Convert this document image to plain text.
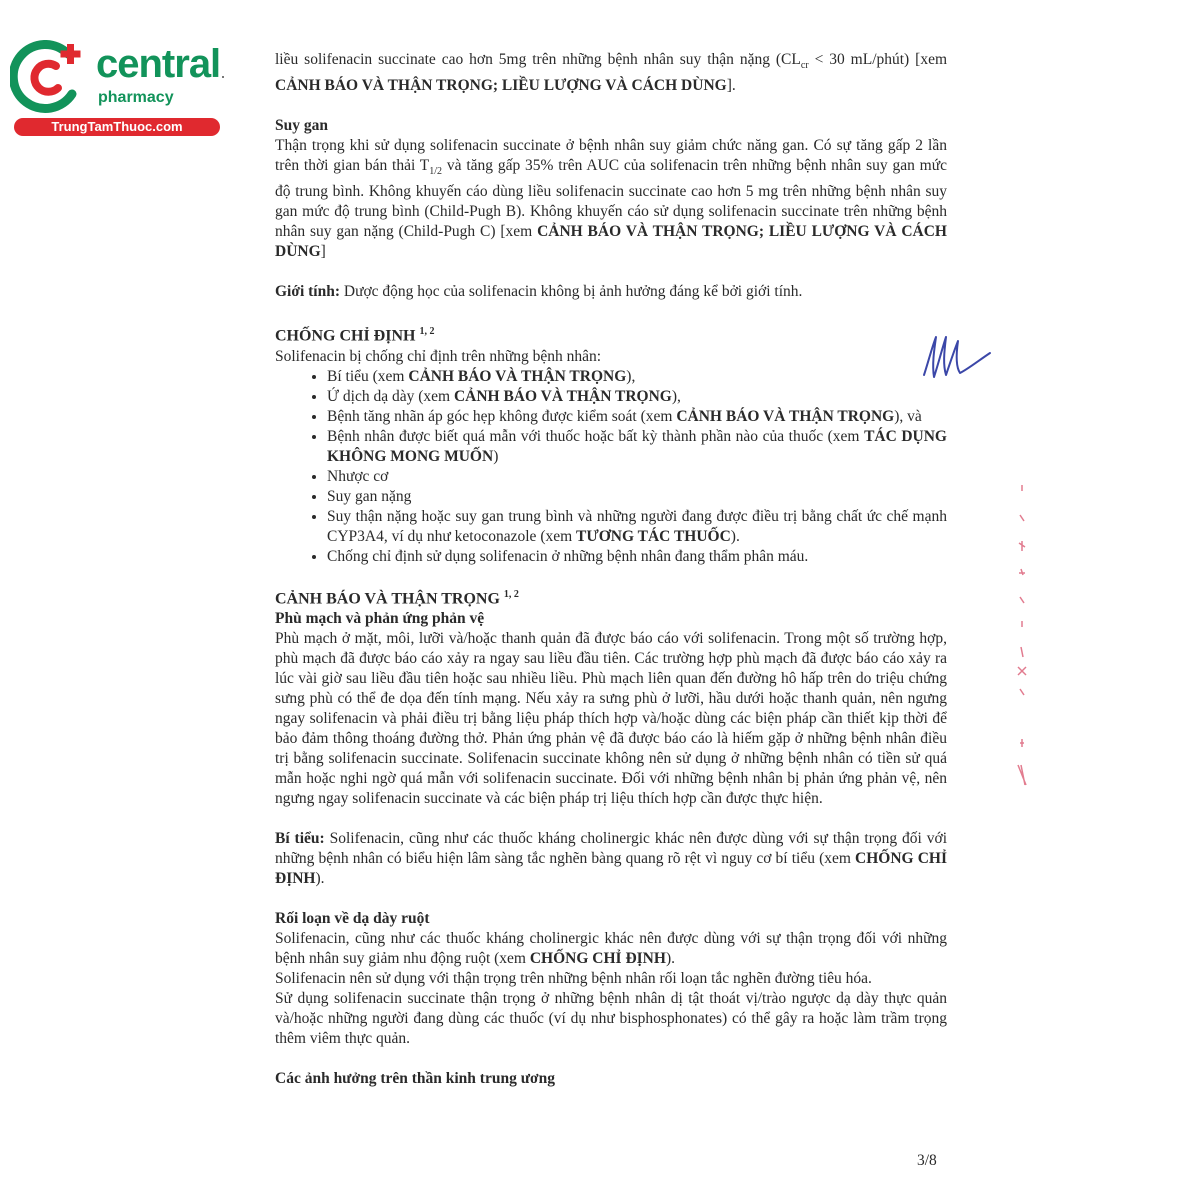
central
pharmacy
TrungTamThuoc.com

liều solifenacin succinate cao hơn 5mg trên những bệnh nhân suy thận nặng ($CL_{cr} < 30$ mL/phút) [xem CẢNH BÁO VÀ THẬN TRỌNG; LIỀU LƯỢNG VÀ CÁCH DÙNG].

Suy gan

Thận trọng khi sử dụng solifenacin succinate ở bệnh nhân suy giảm chức năng gan. Có sự tăng gấp 2 lần trên thời gian bán thải $T_{1/2}$ và tăng gấp 35% trên AUC của solifenacin trên những bệnh nhân suy gan mức độ trung bình. Không khuyến cáo dùng liều solifenacin succinate cao hơn 5 mg trên những bệnh nhân suy gan mức độ trung bình (Child-Pugh B). Không khuyến cáo sử dụng solifenacin succinate trên những bệnh nhân suy gan nặng (Child-Pugh C) [xem CẢNH BÁO VÀ THẬN TRỌNG; LIỀU LƯỢNG VÀ CÁCH DÙNG]

Giới tính: Dược động học của solifenacin không bị ảnh hưởng đáng kể bởi giới tính.

CHỐNG CHỈ ĐỊNH $^{1, 2}$

Solifenacin bị chống chỉ định trên những bệnh nhân:

• Bí tiểu (xem CẢNH BÁO VÀ THẬN TRỌNG),
• Ứ dịch dạ dày (xem CẢNH BÁO VÀ THẬN TRỌNG),
• Bệnh tăng nhãn áp góc hẹp không được kiểm soát (xem CẢNH BÁO VÀ THẬN TRỌNG), và
• Bệnh nhân được biết quá mẫn với thuốc hoặc bất kỳ thành phần nào của thuốc (xem TÁC DỤNG KHÔNG MONG MUỐN)
• Nhược cơ
• Suy gan nặng
• Suy thận nặng hoặc suy gan trung bình và những người đang được điều trị bằng chất ức chế mạnh CYP3A4, ví dụ như ketoconazole (xem TƯƠNG TÁC THUỐC).
• Chống chỉ định sử dụng solifenacin ở những bệnh nhân đang thẩm phân máu.

CẢNH BÁO VÀ THẬN TRỌNG $^{1, 2}$

Phù mạch và phản ứng phản vệ

Phù mạch ở mặt, môi, lưỡi và/hoặc thanh quản đã được báo cáo với solifenacin. Trong một số trường hợp, phù mạch đã được báo cáo xảy ra ngay sau liều đầu tiên. Các trường hợp phù mạch đã được báo cáo xảy ra lúc vài giờ sau liều đầu tiên hoặc sau nhiều liều. Phù mạch liên quan đến đường hô hấp trên do triệu chứng sưng phù có thể đe dọa đến tính mạng. Nếu xảy ra sưng phù ở lưỡi, hầu dưới hoặc thanh quản, nên ngưng ngay solifenacin và phải điều trị bằng liệu pháp thích hợp và/hoặc dùng các biện pháp cần thiết kịp thời để bảo đảm thông thoáng đường thở. Phản ứng phản vệ đã được báo cáo là hiếm gặp ở những bệnh nhân điều trị bằng solifenacin succinate. Solifenacin succinate không nên sử dụng ở những bệnh nhân có tiền sử quá mẫn hoặc nghi ngờ quá mẫn với solifenacin succinate. Đối với những bệnh nhân bị phản ứng phản vệ, nên ngưng ngay solifenacin succinate và các biện pháp trị liệu thích hợp cần được thực hiện.

Bí tiểu: Solifenacin, cũng như các thuốc kháng cholinergic khác nên được dùng với sự thận trọng đối với những bệnh nhân có biểu hiện lâm sàng tắc nghẽn bàng quang rõ rệt vì nguy cơ bí tiểu (xem CHỐNG CHỈ ĐỊNH).

Rối loạn về dạ dày ruột

Solifenacin, cũng như các thuốc kháng cholinergic khác nên được dùng với sự thận trọng đối với những bệnh nhân suy giảm nhu động ruột (xem CHỐNG CHỈ ĐỊNH).

Solifenacin nên sử dụng với thận trọng trên những bệnh nhân rối loạn tắc nghẽn đường tiêu hóa.

Sử dụng solifenacin succinate thận trọng ở những bệnh nhân dị tật thoát vị/trào ngược dạ dày thực quản và/hoặc những người đang dùng các thuốc (ví dụ như bisphosphonates) có thể gây ra hoặc làm trầm trọng thêm viêm thực quản.

Các ảnh hưởng trên thần kinh trung ương

3/8
